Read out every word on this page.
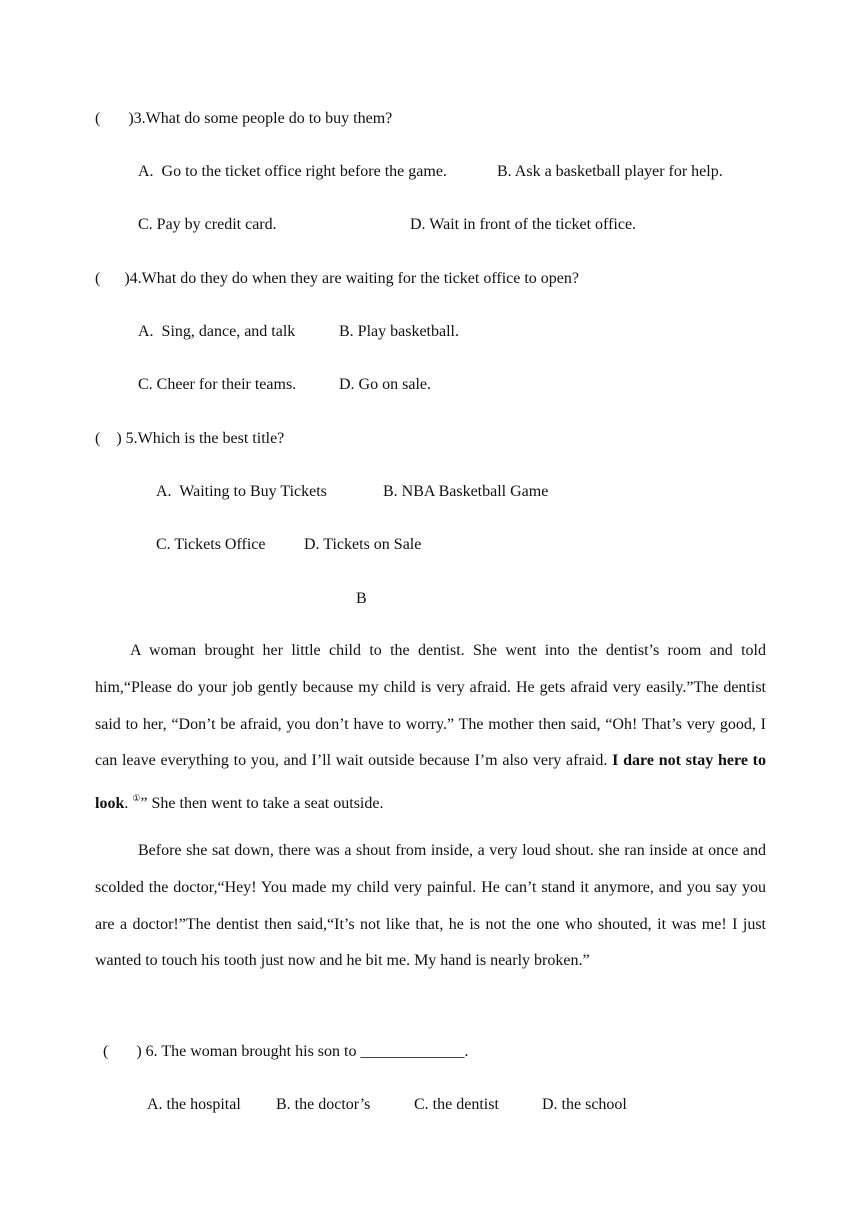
(       )3.What do some people do to buy them?
A.  Go to the ticket office right before the game.	B. Ask a basketball player for help.
C. Pay by credit card.	D. Wait in front of the ticket office.
(      )4.What do they do when they are waiting for the ticket office to open?
A.  Sing, dance, and talk	B. Play basketball.
C. Cheer for their teams.	D. Go on sale.
(    ) 5.Which is the best title?
A.  Waiting to Buy Tickets	B. NBA Basketball Game
C. Tickets Office D. Tickets on Sale
B
A woman brought her little child to the dentist. She went into the dentist’s room and told him,“Please do your job gently because my child is very afraid. He gets afraid very easily.”The dentist said to her, “Don’t be afraid, you don’t have to worry.” The mother then said, “Oh! That’s very good, I can leave everything to you, and I’ll wait outside because I’m also very afraid. I dare not stay here to look. ①” She then went to take a seat outside.
Before she sat down, there was a shout from inside, a very loud shout. she ran inside at once and scolded the doctor,“Hey! You made my child very painful. He can’t stand it anymore, and you say you are a doctor!”The dentist then said,“It’s not like that, he is not the one who shouted, it was me! I just wanted to touch his tooth just now and he bit me. My hand is nearly broken.”
(       ) 6. The woman brought his son to _____________.
A. the hospital B. the doctor’s	C. the dentist	D. the school
